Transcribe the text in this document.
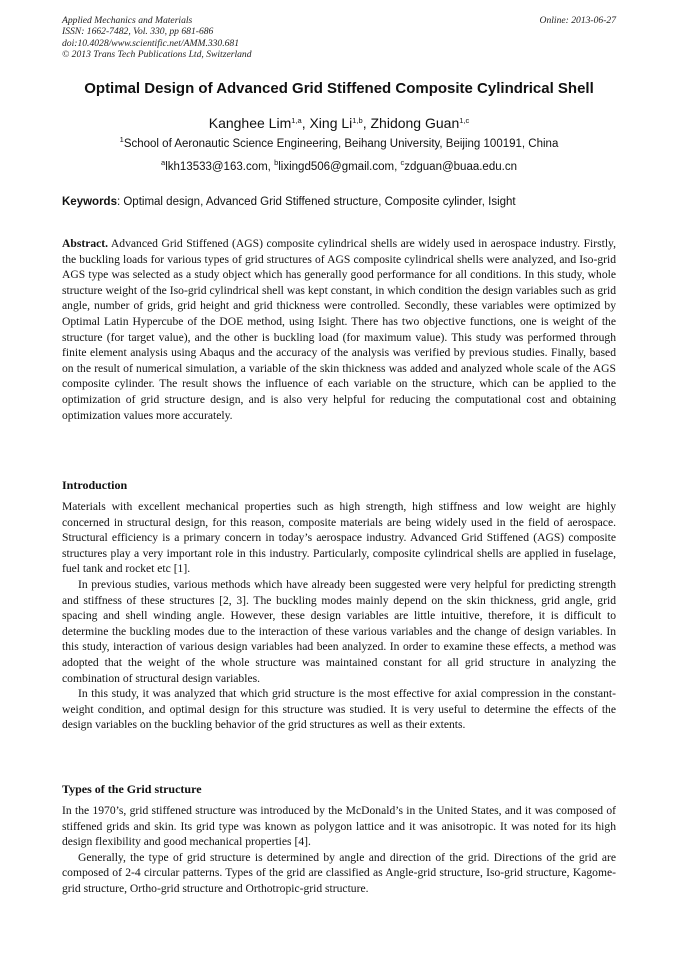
Applied Mechanics and Materials
ISSN: 1662-7482, Vol. 330, pp 681-686
doi:10.4028/www.scientific.net/AMM.330.681
© 2013 Trans Tech Publications Ltd, Switzerland
Online: 2013-06-27
Optimal Design of Advanced Grid Stiffened Composite Cylindrical Shell
Kanghee Lim$^{1,a}$, Xing Li$^{1,b}$, Zhidong Guan$^{1,c}$
$^1$School of Aeronautic Science Engineering, Beihang University, Beijing 100191, China
$^a$lkh13533@163.com, $^b$lixingd506@gmail.com, $^c$zdguan@buaa.edu.cn
Keywords: Optimal design, Advanced Grid Stiffened structure, Composite cylinder, Isight
Abstract. Advanced Grid Stiffened (AGS) composite cylindrical shells are widely used in aerospace industry. Firstly, the buckling loads for various types of grid structures of AGS composite cylindrical shells were analyzed, and Iso-grid AGS type was selected as a study object which has generally good performance for all conditions. In this study, whole structure weight of the Iso-grid cylindrical shell was kept constant, in which condition the design variables such as grid angle, number of grids, grid height and grid thickness were controlled. Secondly, these variables were optimized by Optimal Latin Hypercube of the DOE method, using Isight. There has two objective functions, one is weight of the structure (for target value), and the other is buckling load (for maximum value). This study was performed through finite element analysis using Abaqus and the accuracy of the analysis was verified by previous studies. Finally, based on the result of numerical simulation, a variable of the skin thickness was added and analyzed whole scale of the AGS composite cylinder. The result shows the influence of each variable on the structure, which can be applied to the optimization of grid structure design, and is also very helpful for reducing the computational cost and obtaining optimization values more accurately.
Introduction

Materials with excellent mechanical properties such as high strength, high stiffness and low weight are highly concerned in structural design, for this reason, composite materials are being widely used in the field of aerospace. Structural efficiency is a primary concern in today’s aerospace industry. Advanced Grid Stiffened (AGS) composite structures play a very important role in this industry. Particularly, composite cylindrical shells are applied in fuselage, fuel tank and rocket etc [1].

In previous studies, various methods which have already been suggested were very helpful for predicting strength and stiffness of these structures [2, 3]. The buckling modes mainly depend on the skin thickness, grid angle, grid spacing and shell winding angle. However, these design variables are little intuitive, therefore, it is difficult to determine the buckling modes due to the interaction of these various variables and the change of design variables. In this study, interaction of various design variables had been analyzed. In order to examine these effects, a method was adopted that the weight of the whole structure was maintained constant for all grid structure in analyzing the combination of structural design variables.

In this study, it was analyzed that which grid structure is the most effective for axial compression in the constant-weight condition, and optimal design for this structure was studied. It is very useful to determine the effects of the design variables on the buckling behavior of the grid structures as well as their extents.

Types of the Grid structure

In the 1970’s, grid stiffened structure was introduced by the McDonald’s in the United States, and it was composed of stiffened grids and skin. Its grid type was known as polygon lattice and it was anisotropic. It was noted for its high design flexibility and good mechanical properties [4].

Generally, the type of grid structure is determined by angle and direction of the grid. Directions of the grid are composed of 2-4 circular patterns. Types of the grid are classified as Angle-grid structure, Iso-grid structure, Kagome-grid structure, Ortho-grid structure and Orthotropic-grid structure.
